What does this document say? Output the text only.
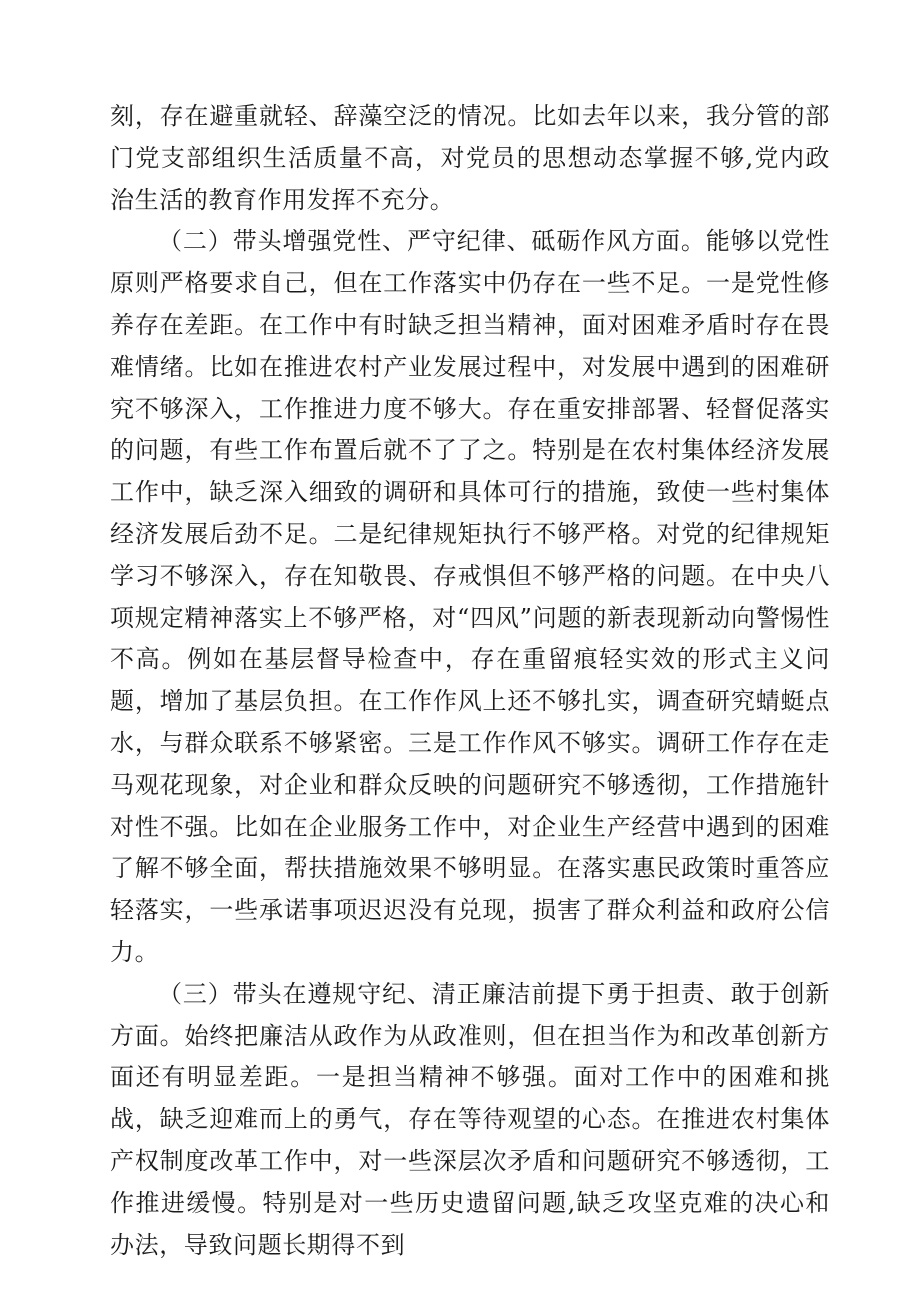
刻，存在避重就轻、辞藻空泛的情况。比如去年以来，我分管的部门党支部组织生活质量不高，对党员的思想动态掌握不够,党内政治生活的教育作用发挥不充分。

（二）带头增强党性、严守纪律、砥砺作风方面。能够以党性原则严格要求自己，但在工作落实中仍存在一些不足。一是党性修养存在差距。在工作中有时缺乏担当精神，面对困难矛盾时存在畏难情绪。比如在推进农村产业发展过程中，对发展中遇到的困难研究不够深入，工作推进力度不够大。存在重安排部署、轻督促落实的问题，有些工作布置后就不了了之。特别是在农村集体经济发展工作中，缺乏深入细致的调研和具体可行的措施，致使一些村集体经济发展后劲不足。二是纪律规矩执行不够严格。对党的纪律规矩学习不够深入，存在知敬畏、存戒惧但不够严格的问题。在中央八项规定精神落实上不够严格，对“四风”问题的新表现新动向警惕性不高。例如在基层督导检查中，存在重留痕轻实效的形式主义问题，增加了基层负担。在工作作风上还不够扎实，调查研究蜻蜓点水，与群众联系不够紧密。三是工作作风不够实。调研工作存在走马观花现象，对企业和群众反映的问题研究不够透彻，工作措施针对性不强。比如在企业服务工作中，对企业生产经营中遇到的困难了解不够全面，帮扶措施效果不够明显。在落实惠民政策时重答应轻落实，一些承诺事项迟迟没有兑现，损害了群众利益和政府公信力。

（三）带头在遵规守纪、清正廉洁前提下勇于担责、敢于创新方面。始终把廉洁从政作为从政准则，但在担当作为和改革创新方面还有明显差距。一是担当精神不够强。面对工作中的困难和挑战，缺乏迎难而上的勇气，存在等待观望的心态。在推进农村集体产权制度改革工作中，对一些深层次矛盾和问题研究不够透彻，工作推进缓慢。特别是对一些历史遗留问题,缺乏攻坚克难的决心和办法，导致问题长期得不到
